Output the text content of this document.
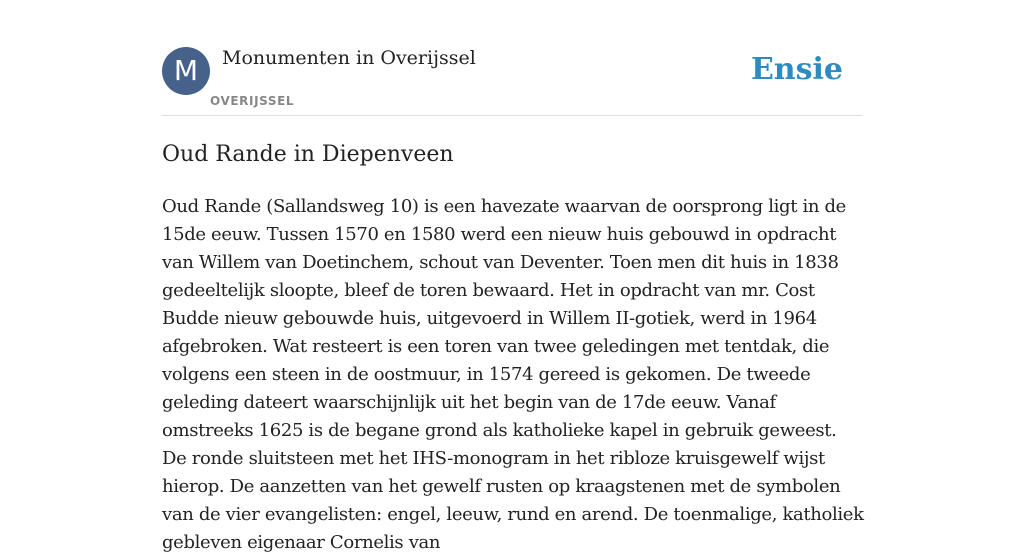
M	Monumenten in Overijssel
OVERIJSSEL
Ensie
Oud Rande in Diepenveen

Oud Rande (Sallandsweg 10) is een havezate waarvan de oorsprong ligt in de 15de eeuw. Tussen 1570 en 1580 werd een nieuw huis gebouwd in opdracht van Willem van Doetinchem, schout van Deventer. Toen men dit huis in 1838 gedeeltelijk sloopte, bleef de toren bewaard. Het in opdracht van mr. Cost Budde nieuw gebouwde huis, uitgevoerd in Willem II-gotiek, werd in 1964 afgebroken. Wat resteert is een toren van twee geledingen met tentdak, die volgens een steen in de oostmuur, in 1574 gereed is gekomen. De tweede geleding dateert waarschijnlijk uit het begin van de 17de eeuw. Vanaf omstreeks 1625 is de begane grond als katholieke kapel in gebruik geweest. De ronde sluitsteen met het IHS-monogram in het ribloze kruisgewelf wijst hierop. De aanzetten van het gewelf rusten op kraagstenen met de symbolen van de vier evangelisten: engel, leeuw, rund en arend. De toenmalige, katholiek gebleven eigenaar Cornelis van
